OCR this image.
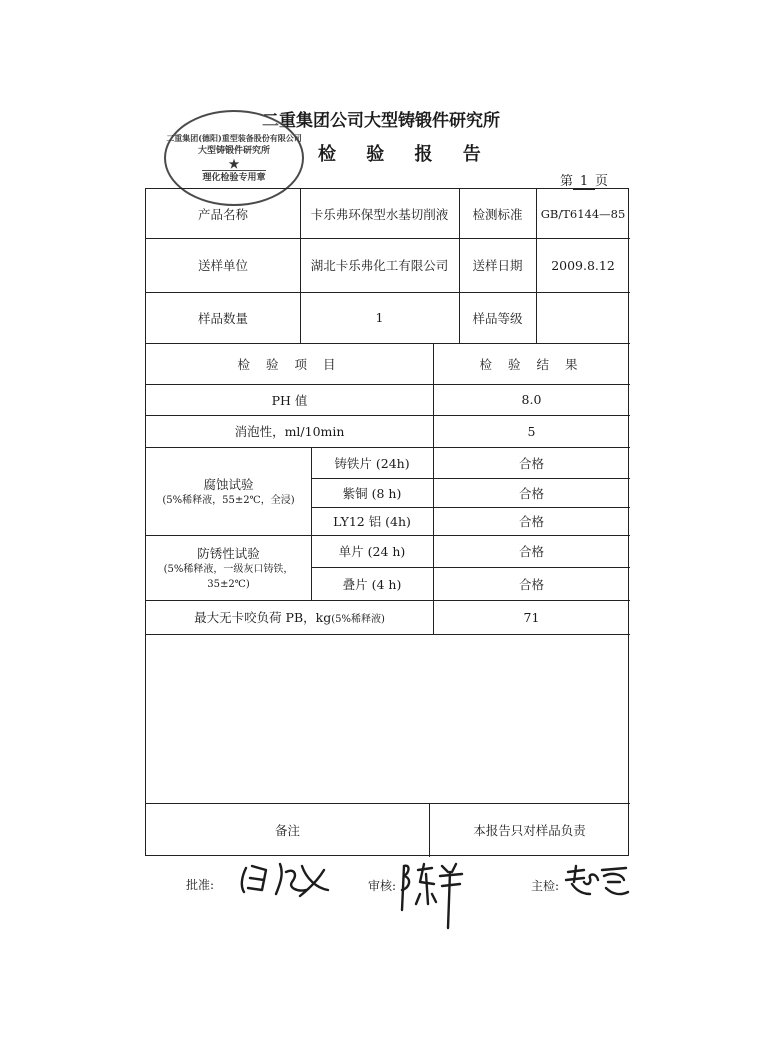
二重集团公司大型铸锻件研究所
检 验 报 告
第 1 页
二重集团(德阳)重型装备股份有限公司
大型铸锻件研究所
★
理化检验专用章
产品名称	卡乐弗环保型水基切削液	检测标准	GB/T6144—85
送样单位	湖北卡乐弗化工有限公司	送样日期	2009.8.12
样品数量	1	样品等级
检 验 项 目	检 验 结 果
PH 值	8.0
消泡性，ml/10min	5
腐蚀试验
(5%稀释液，55±2℃，全浸)
铸铁片 (24h)	合格
紫铜 (8 h)	合格
LY12 铝 (4h)	合格
防锈性试验
(5%稀释液，一级灰口铸铁，
35±2℃)
单片 (24 h)	合格
叠片 (4 h)	合格
最大无卡咬负荷 PB，kg (5%稀释液)	71
备注	本报告只对样品负责
批准:	审核:	主检:
